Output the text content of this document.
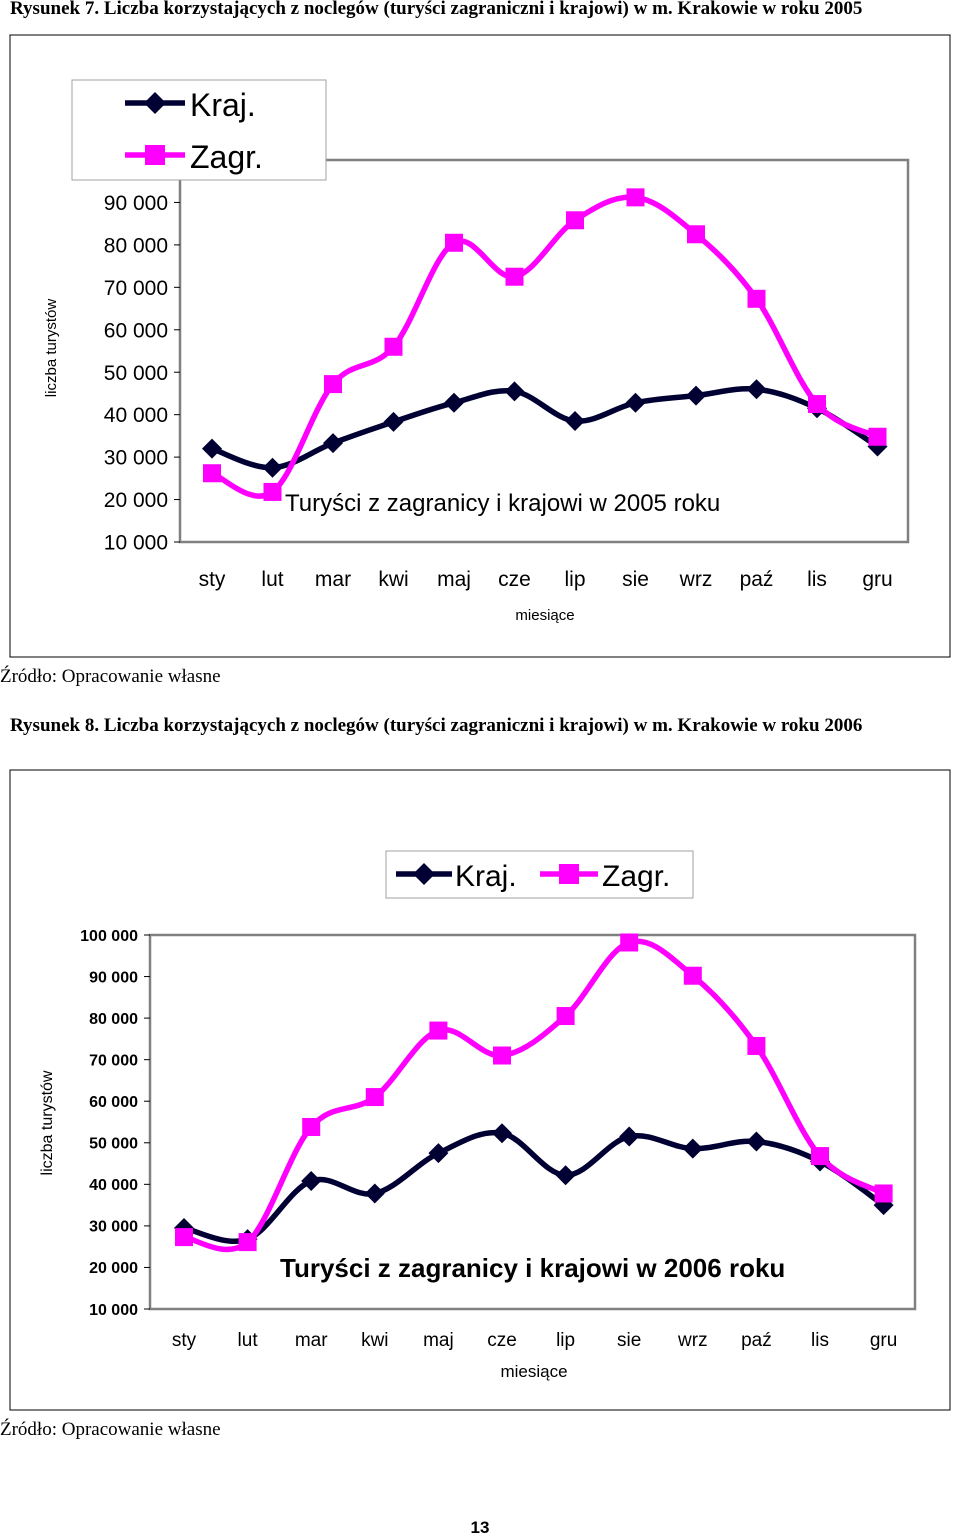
Rysunek 7. Liczba korzystających z noclegów (turyści zagraniczni i krajowi) w m. Krakowie w roku 2005
10 000
20 000
30 000
40 000
50 000
60 000
70 000
80 000
90 000
sty lut mar kwi maj cze lip sie wrz paź lis gru
miesiące
liczba turystów
Turyści z zagranicy i krajowi w 2005 roku
Kraj.
Zagr.
Źródło: Opracowanie własne
Rysunek 8. Liczba korzystających z noclegów (turyści zagraniczni i krajowi) w m. Krakowie w roku 2006
10 000
20 000
30 000
40 000
50 000
60 000
70 000
80 000
90 000
100 000
sty lut mar kwi maj cze lip sie wrz paź lis gru
miesiące
liczba turystów
Turyści z zagranicy i krajowi w 2006 roku
Kraj.	Zagr.
Źródło: Opracowanie własne
13
